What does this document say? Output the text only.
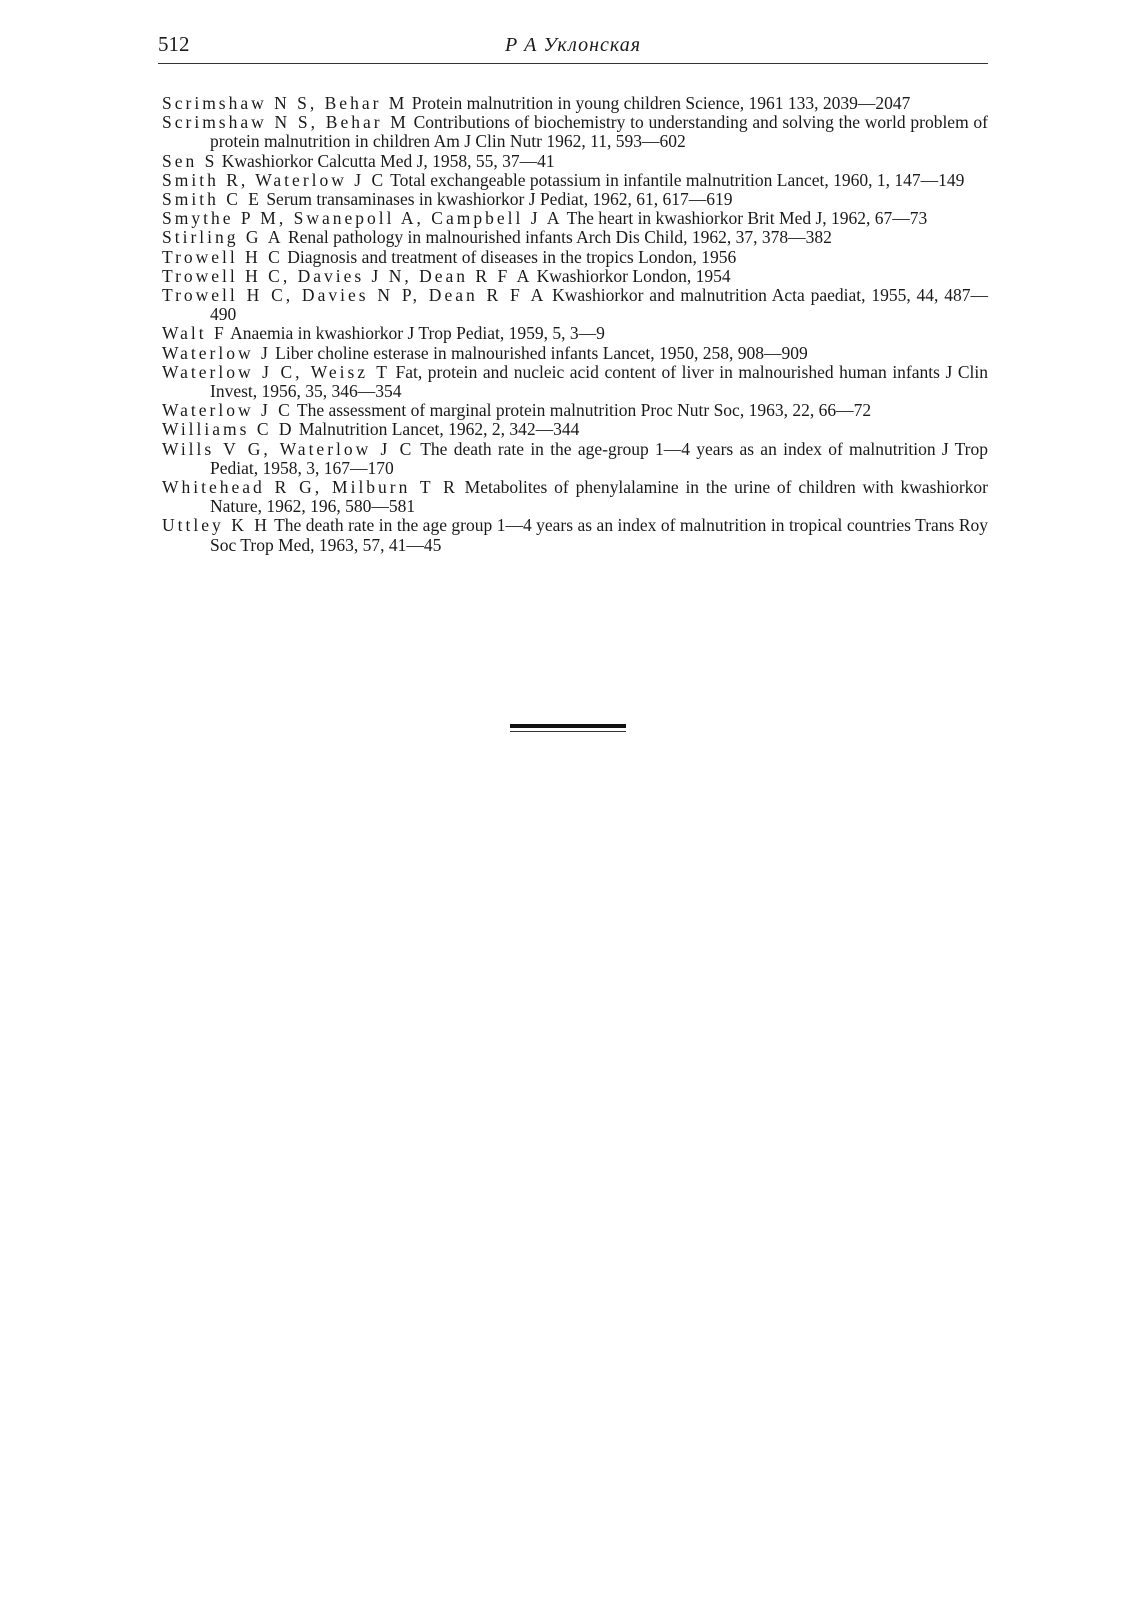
512	Р А Уклонская
Scrimshaw N S, Behar M Protein malnutrition in young children Science, 1961 133, 2039—2047
Scrimshaw N S, Behar M Contributions of biochemistry to understanding and solving the world problem of protein malnutrition in children Am J Clin Nutr 1962, 11, 593—602
Sen S Kwashiorkor Calcutta Med J, 1958, 55, 37—41
Smith R, Waterlow J C Total exchangeable potassium in infantile malnutrition Lancet, 1960, 1, 147—149
Smith C E Serum transaminases in kwashiorkor J Pediat, 1962, 61, 617—619
Smythe P M, Swanepoll A, Campbell J A The heart in kwashiorkor Brit Med J, 1962, 67—73
Stirling G A Renal pathology in malnourished infants Arch Dis Child, 1962, 37, 378—382
Trowell H C Diagnosis and treatment of diseases in the tropics London, 1956
Trowell H C, Davies J N, Dean R F A Kwashiorkor London, 1954
Trowell H C, Davies N P, Dean R F A Kwashiorkor and malnutrition Acta paediat, 1955, 44, 487—490
Walt F Anaemia in kwashiorkor J Trop Pediat, 1959, 5, 3—9
Waterlow J Liber choline esterase in malnourished infants Lancet, 1950, 258, 908—909
Waterlow J C, Weisz T Fat, protein and nucleic acid content of liver in malnourished human infants J Clin Invest, 1956, 35, 346—354
Waterlow J C The assessment of marginal protein malnutrition Proc Nutr Soc, 1963, 22, 66—72
Williams C D Malnutrition Lancet, 1962, 2, 342—344
Wills V G, Waterlow J C The death rate in the age-group 1—4 years as an index of malnutrition J Trop Pediat, 1958, 3, 167—170
Whitehead R G, Milburn T R Metabolites of phenylalamine in the urine of children with kwashiorkor Nature, 1962, 196, 580—581
Uttley K H The death rate in the age group 1—4 years as an index of malnutrition in tropical countries Trans Roy Soc Trop Med, 1963, 57, 41—45
